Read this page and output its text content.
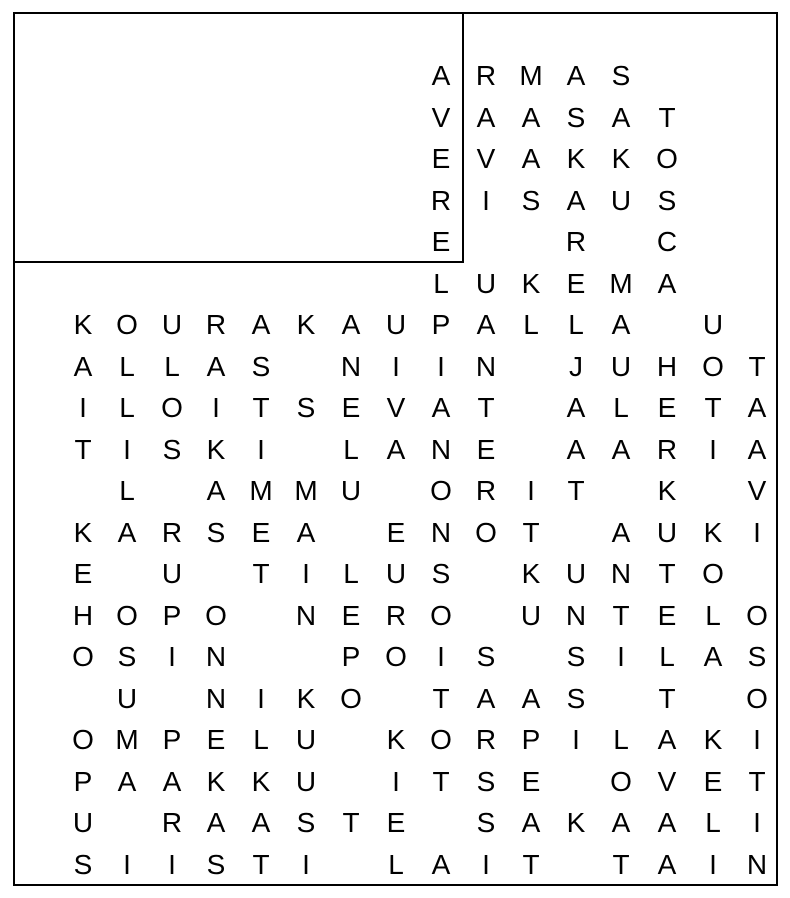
A R M A S
V A A S A	T
E V A K K O
R	I	S A U S
E	R	C
L U K E M A
K O U R A K A U P A L	L A	U
A L	L A S	N	I	I	N	J U H O T
I	L O	I	T S E V A T	A L	E	T A
T	I	S K	I	L A N E	A A R	I	A
L	A M M U	O R	I	T	K	V
K A R S E A	E N O T	A U K	I
E	U	T	I	L U S	K U N T O
H O P O	N E R O	U N T	E	L O
O S	I	N	P O	I	S	S	I	L	A S
U	N	I	K O	T A A S	T	O
O M P E L U	K O R P	I	L	A K	I
P A A K K U	I	T S E	O V E T
U	R A A S T E	S A K A A	L	I
S	I	I	S T	I	L A	I	T	T	A	I	N
